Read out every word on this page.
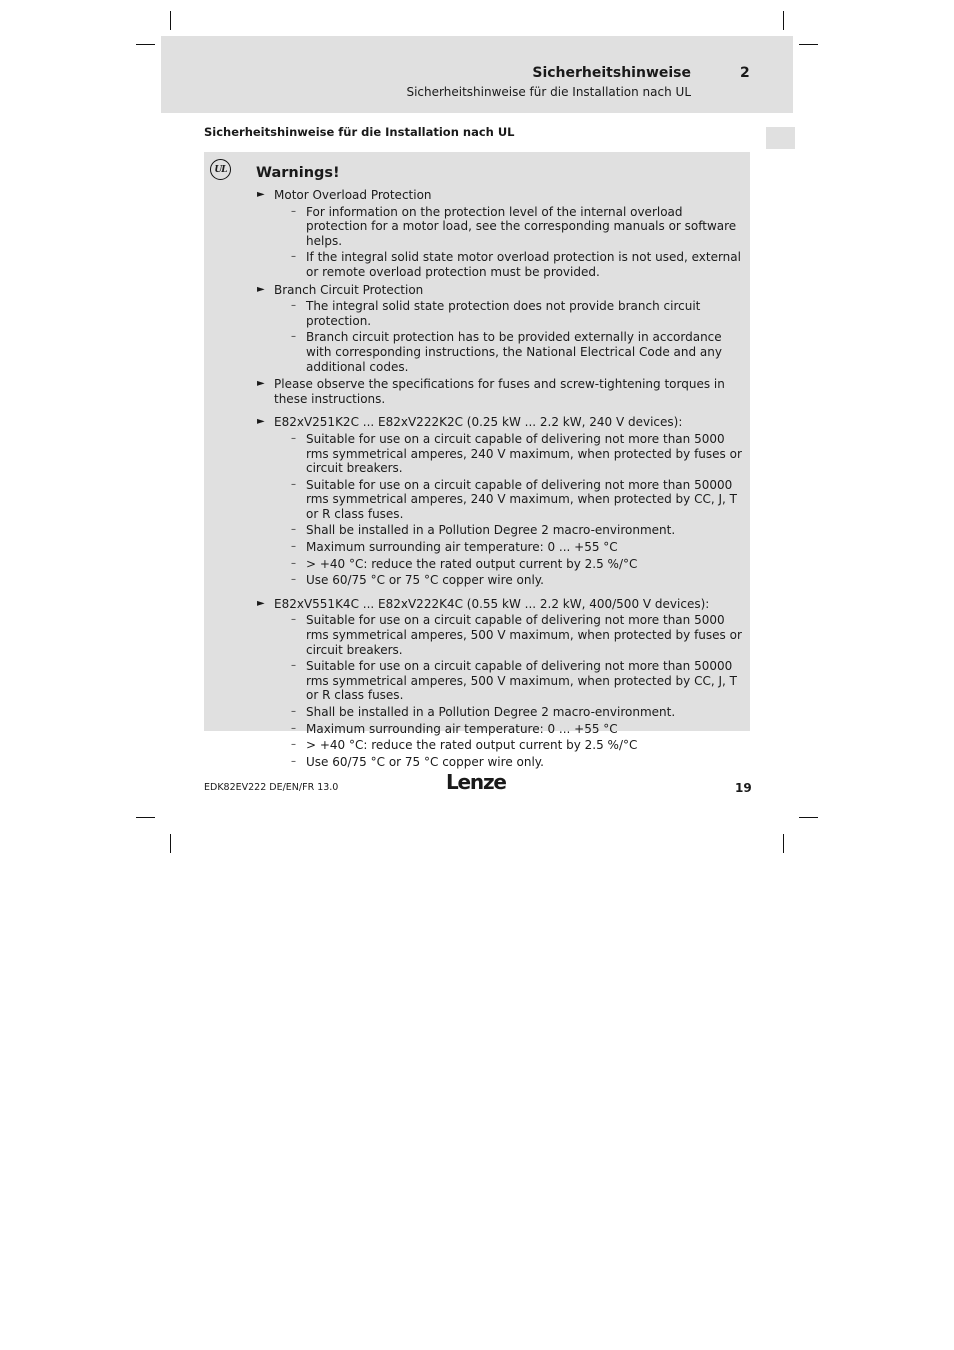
Sicherheitshinweise	2
Sicherheitshinweise für die Installation nach UL
Sicherheitshinweise für die Installation nach UL
UL	Warnings!
► Motor Overload Protection
– For information on the protection level of the internal overload protection for a motor load, see the corresponding manuals or software helps.
– If the integral solid state motor overload protection is not used, external or remote overload protection must be provided.
► Branch Circuit Protection
– The integral solid state protection does not provide branch circuit protection.
– Branch circuit protection has to be provided externally in accordance with corresponding instructions, the National Electrical Code and any additional codes.
► Please observe the specifications for fuses and screw-tightening torques in these instructions.
► E82xV251K2C ... E82xV222K2C (0.25 kW ... 2.2 kW, 240 V devices):
– Suitable for use on a circuit capable of delivering not more than 5000 rms symmetrical amperes, 240 V maximum, when protected by fuses or circuit breakers.
– Suitable for use on a circuit capable of delivering not more than 50000 rms symmetrical amperes, 240 V maximum, when protected by CC, J, T or R class fuses.
– Shall be installed in a Pollution Degree 2 macro-environment.
– Maximum surrounding air temperature: 0 ... +55 °C
– > +40 °C: reduce the rated output current by 2.5 %/°C
– Use 60/75 °C or 75 °C copper wire only.
► E82xV551K4C ... E82xV222K4C (0.55 kW ... 2.2 kW, 400/500 V devices):
– Suitable for use on a circuit capable of delivering not more than 5000 rms symmetrical amperes, 500 V maximum, when protected by fuses or circuit breakers.
– Suitable for use on a circuit capable of delivering not more than 50000 rms symmetrical amperes, 500 V maximum, when protected by CC, J, T or R class fuses.
– Shall be installed in a Pollution Degree 2 macro-environment.
– Maximum surrounding air temperature: 0 ... +55 °C
– > +40 °C: reduce the rated output current by 2.5 %/°C
– Use 60/75 °C or 75 °C copper wire only.
EDK82EV222 DE/EN/FR 13.0	Lenze	19
